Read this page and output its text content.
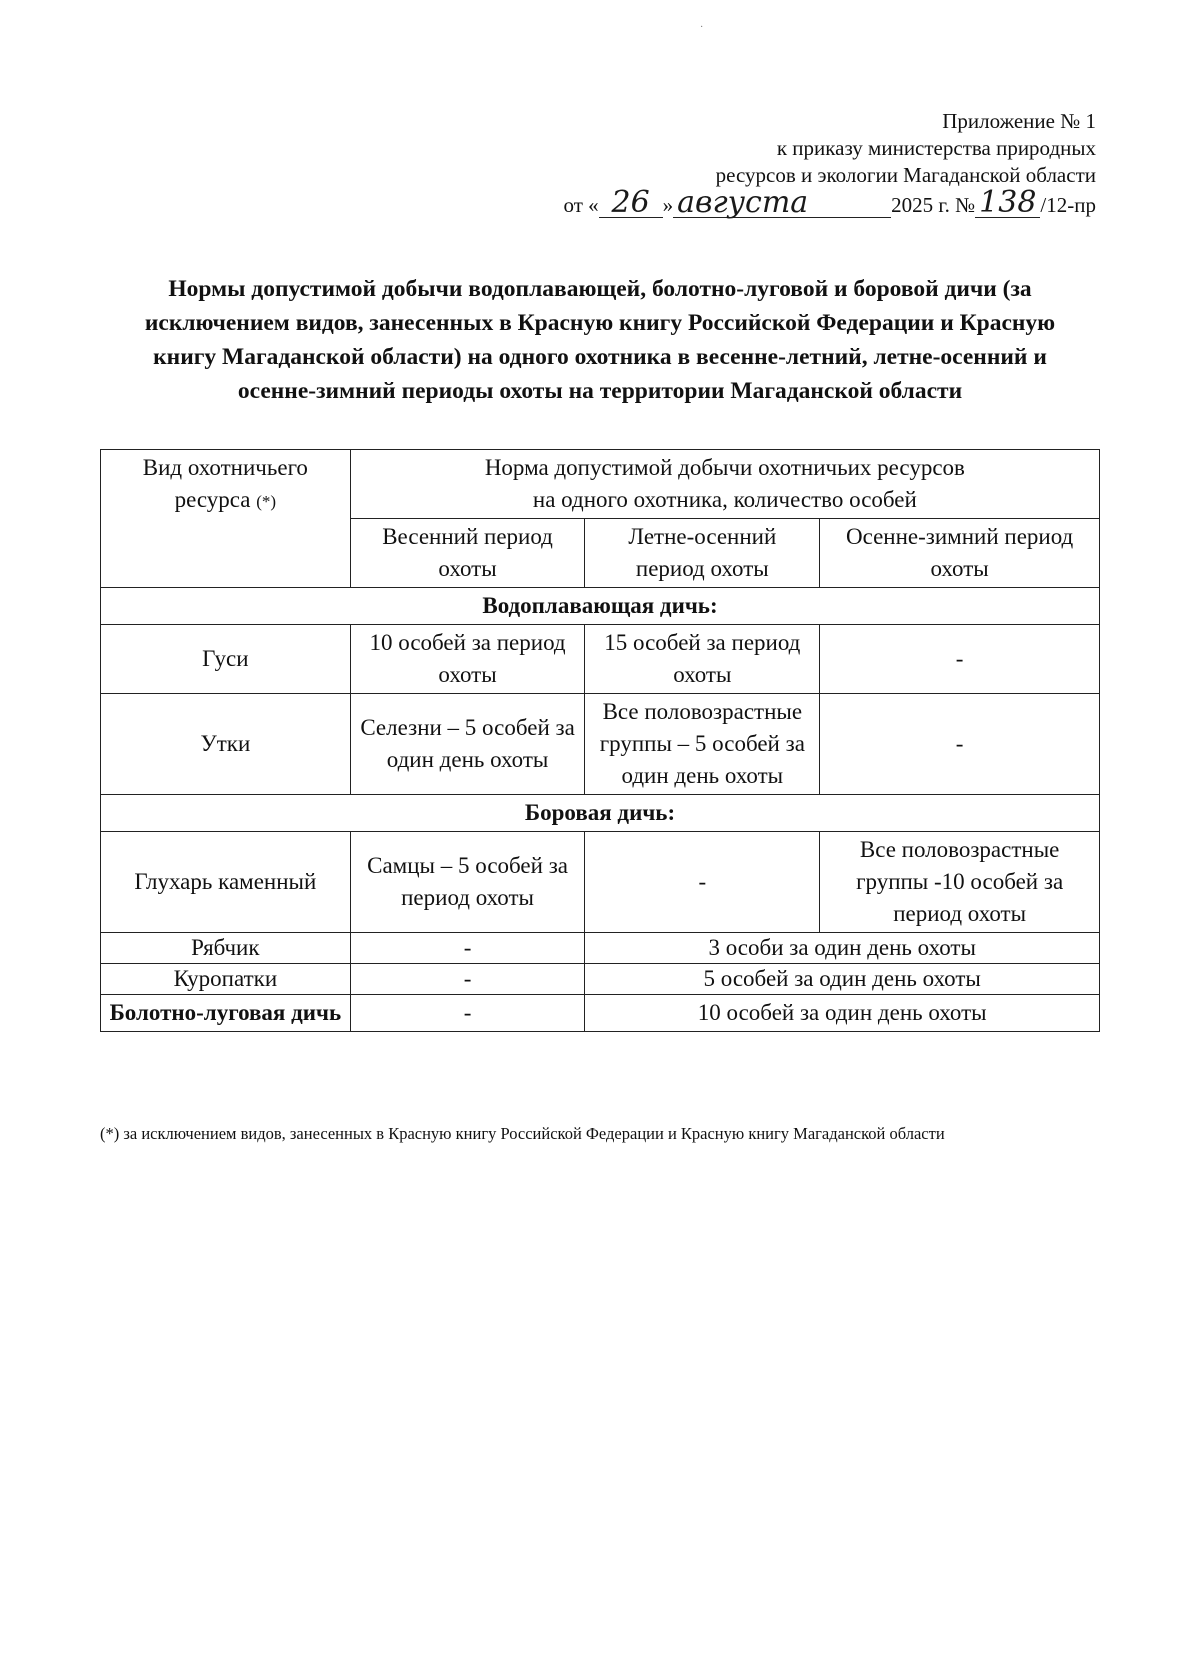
·
Приложение № 1
к приказу министерства природных
ресурсов и экологии Магаданской области
от « 26 » августа	2025 г. № 138 /12-пр
Нормы допустимой добычи водоплавающей, болотно-луговой и боровой дичи (за исключением видов, занесенных в Красную книгу Российской Федерации и Красную книгу Магаданской области) на одного охотника в весенне-летний, летне-осенний и осенне-зимний периоды охоты на территории Магаданской области
Вид охотничьего ресурса (*)	Норма допустимой добычи охотничьих ресурсов
на одного охотника, количество особей		

	Весенний период охоты	Летне-осенний период охоты	Осенне-зимний период охоты
Водоплавающая дичь:			
Гуси	10 особей за период охоты	15 особей за период охоты	-
Утки	Селезни – 5 особей за один день охоты	Все половозрастные группы – 5 особей за один день охоты	-
Боровая дичь:			
Глухарь каменный	Самцы – 5 особей за период охоты	-	Все половозрастные группы -10 особей за период охоты
Рябчик	-	3 особи за один день охоты	
Куропатки	-	5 особей за один день охоты	
Болотно-луговая дичь	-	10 особей за один день охоты	
(*) за исключением видов, занесенных в Красную книгу Российской Федерации и Красную книгу Магаданской области
